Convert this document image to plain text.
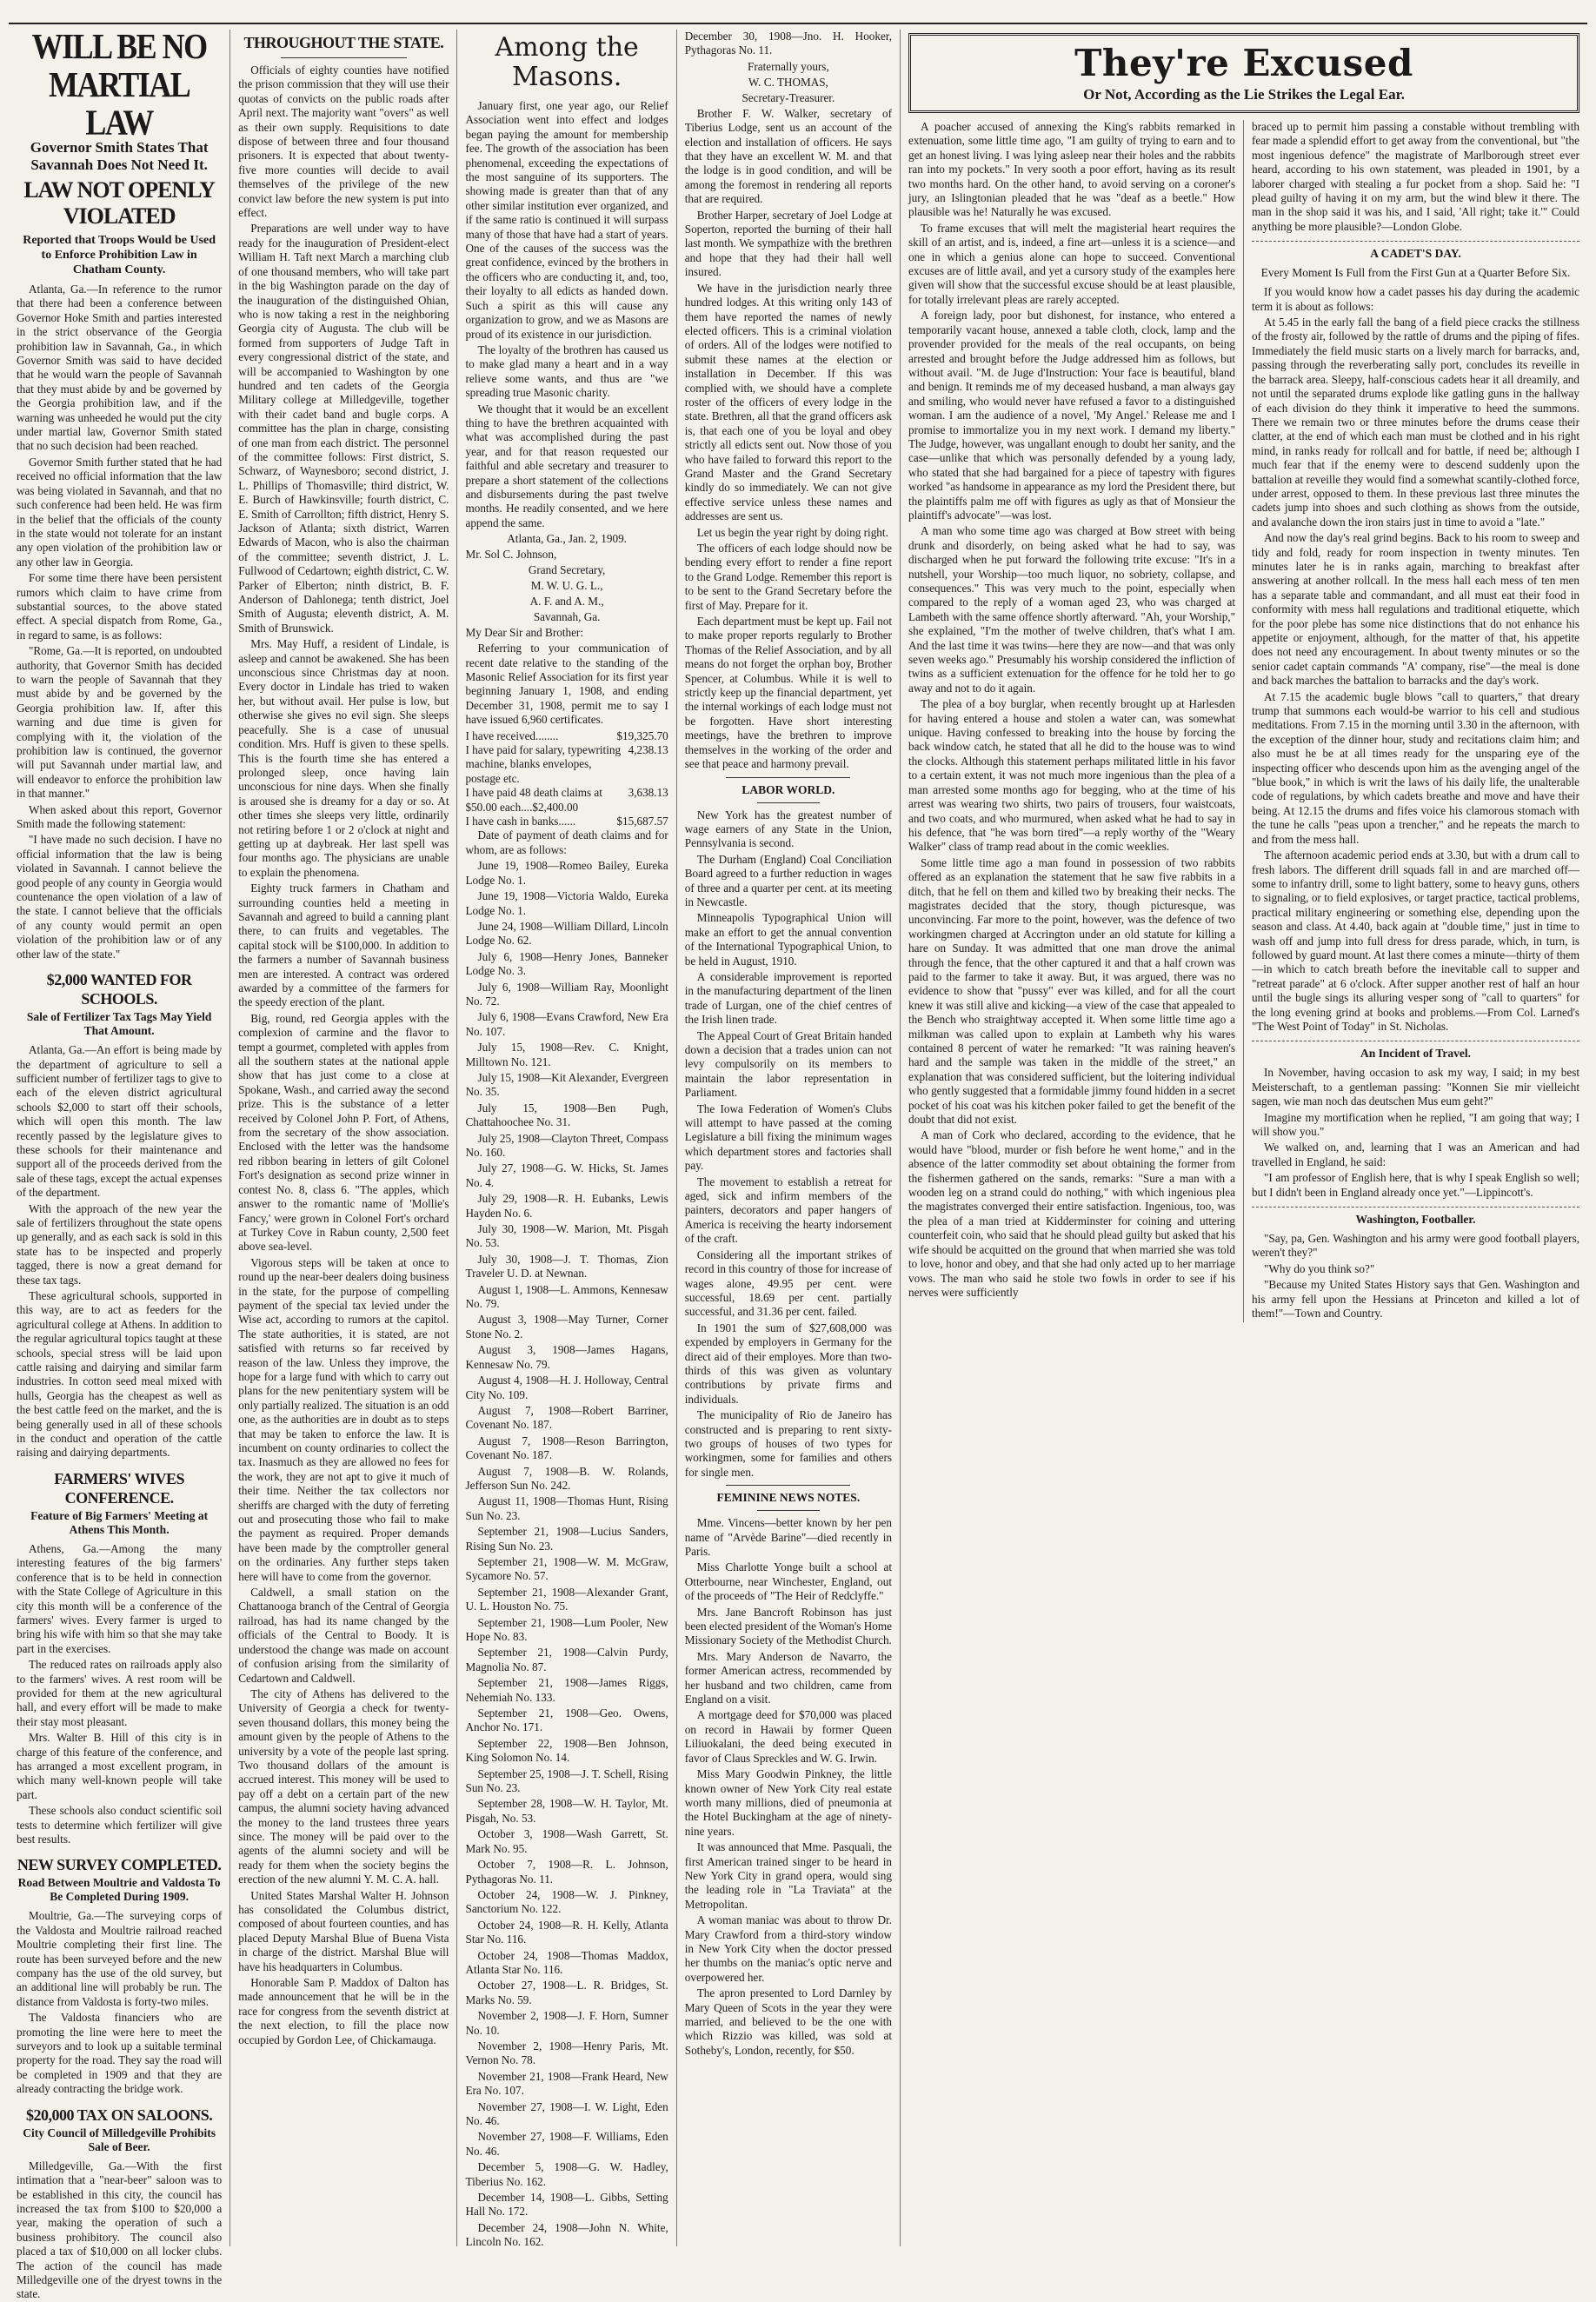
WILL BE NO MARTIAL LAW
Governor Smith States That Savannah Does Not Need It.
LAW NOT OPENLY VIOLATED
Reported that Troops Would be Used to Enforce Prohibition Law in Chatham County.

Atlanta, Ga.—In reference to the rumor that there had been a conference between Governor Hoke Smith and parties interested in the strict observance of the Georgia prohibition law in Savannah, Ga., in which Governor Smith was said to have decided that he would warn the people of Savannah that they must abide by and be governed by the Georgia prohibition law, and if the warning was unheeded he would put the city under martial law, Governor Smith stated that no such decision had been reached.

Governor Smith further stated that he had received no official information that the law was being violated in Savannah, and that no such conference had been held. He was firm in the belief that the officials of the county in the state would not tolerate for an instant any open violation of the prohibition law or any other law in Georgia.

For some time there have been persistent rumors which claim to have crime from substantial sources, to the above stated effect. A special dispatch from Rome, Ga., in regard to same, is as follows:

"Rome, Ga.—It is reported, on undoubted authority, that Governor Smith has decided to warn the people of Savannah that they must abide by and be governed by the Georgia prohibition law. If, after this warning and due time is given for complying with it, the violation of the prohibition law is continued, the governor will put Savannah under martial law, and will endeavor to enforce the prohibition law in that manner."

When asked about this report, Governor Smith made the following statement:

"I have made no such decision. I have no official information that the law is being violated in Savannah. I cannot believe the good people of any county in Georgia would countenance the open violation of a law of the state. I cannot believe that the officials of any county would permit an open violation of the prohibition law or of any other law of the state."

$2,000 WANTED FOR SCHOOLS.
Sale of Fertilizer Tax Tags May Yield That Amount.

Atlanta, Ga.—An effort is being made by the department of agriculture to sell a sufficient number of fertilizer tags to give to each of the eleven district agricultural schools $2,000 to start off their schools, which will open this month. The law recently passed by the legislature gives to these schools for their maintenance and support all of the proceeds derived from the sale of these tags, except the actual expenses of the department.

With the approach of the new year the sale of fertilizers throughout the state opens up generally, and as each sack is sold in this state has to be inspected and properly tagged, there is now a great demand for these tax tags.

These agricultural schools, supported in this way, are to act as feeders for the agricultural college at Athens. In addition to the regular agricultural topics taught at these schools, special stress will be laid upon cattle raising and dairying and similar farm industries. In cotton seed meal mixed with hulls, Georgia has the cheapest as well as the best cattle feed on the market, and the is being generally used in all of these schools in the conduct and operation of the cattle raising and dairying departments.

FARMERS' WIVES CONFERENCE.
Feature of Big Farmers' Meeting at Athens This Month.

Athens, Ga.—Among the many interesting features of the big farmers' conference that is to be held in connection with the State College of Agriculture in this city this month will be a conference of the farmers' wives. Every farmer is urged to bring his wife with him so that she may take part in the exercises.

The reduced rates on railroads apply also to the farmers' wives. A rest room will be provided for them at the new agricultural hall, and every effort will be made to make their stay most pleasant.

Mrs. Walter B. Hill of this city is in charge of this feature of the conference, and has arranged a most excellent program, in which many well-known people will take part.

These schools also conduct scientific soil tests to determine which fertilizer will give best results.

NEW SURVEY COMPLETED.
Road Between Moultrie and Valdosta To Be Completed During 1909.

Moultrie, Ga.—The surveying corps of the Valdosta and Moultrie railroad reached Moultrie completing their first line. The route has been surveyed before and the new company has the use of the old survey, but an additional line will probably be run. The distance from Valdosta is forty-two miles.

The Valdosta financiers who are promoting the line were here to meet the surveyors and to look up a suitable terminal property for the road. They say the road will be completed in 1909 and that they are already contracting the bridge work.

$20,000 TAX ON SALOONS.
City Council of Milledgeville Prohibits Sale of Beer.

Milledgeville, Ga.—With the first intimation that a "near-beer" saloon was to be established in this city, the council has increased the tax from $100 to $20,000 a year, making the operation of such a business prohibitory. The council also placed a tax of $10,000 on all locker clubs. The action of the council has made Milledgeville one of the dryest towns in the state.

THROUGHOUT THE STATE.

Officials of eighty counties have notified the prison commission that they will use their quotas of convicts on the public roads after April next. The majority want "overs" as well as their own supply. Requisitions to date dispose of between three and four thousand prisoners. It is expected that about twenty-five more counties will decide to avail themselves of the privilege of the new convict law before the new system is put into effect.

Preparations are well under way to have ready for the inauguration of President-elect William H. Taft next March a marching club of one thousand members, who will take part in the big Washington parade on the day of the inauguration of the distinguished Ohian, who is now taking a rest in the neighboring Georgia city of Augusta. The club will be formed from supporters of Judge Taft in every congressional district of the state, and will be accompanied to Washington by one hundred and ten cadets of the Georgia Military college at Milledgeville, together with their cadet band and bugle corps. A committee has the plan in charge, consisting of one man from each district. The personnel of the committee follows: First district, S. Schwarz, of Waynesboro; second district, J. L. Phillips of Thomasville; third district, W. E. Burch of Hawkinsville; fourth district, C. E. Smith of Carrollton; fifth district, Henry S. Jackson of Atlanta; sixth district, Warren Edwards of Macon, who is also the chairman of the committee; seventh district, J. L. Fullwood of Cedartown; eighth district, C. W. Parker of Elberton; ninth district, B. F. Anderson of Dahlonega; tenth district, Joel Smith of Augusta; eleventh district, A. M. Smith of Brunswick.

Mrs. May Huff, a resident of Lindale, is asleep and cannot be awakened. She has been unconscious since Christmas day at noon. Every doctor in Lindale has tried to waken her, but without avail. Her pulse is low, but otherwise she gives no evil sign. She sleeps peacefully. She is a case of unusual condition. Mrs. Huff is given to these spells. This is the fourth time she has entered a prolonged sleep, once having lain unconscious for nine days. When she finally is aroused she is dreamy for a day or so. At other times she sleeps very little, ordinarily not retiring before 1 or 2 o'clock at night and getting up at daybreak. Her last spell was four months ago. The physicians are unable to explain the phenomena.

Eighty truck farmers in Chatham and surrounding counties held a meeting in Savannah and agreed to build a canning plant there, to can fruits and vegetables. The capital stock will be $100,000. In addition to the farmers a number of Savannah business men are interested. A contract was ordered awarded by a committee of the farmers for the speedy erection of the plant.

Big, round, red Georgia apples with the complexion of carmine and the flavor to tempt a gourmet, completed with apples from all the southern states at the national apple show that has just come to a close at Spokane, Wash., and carried away the second prize. This is the substance of a letter received by Colonel John P. Fort, of Athens, from the secretary of the show association. Enclosed with the letter was the handsome red ribbon bearing in letters of gilt Colonel Fort's designation as second prize winner in contest No. 8, class 6. "The apples, which answer to the romantic name of 'Mollie's Fancy,' were grown in Colonel Fort's orchard at Turkey Cove in Rabun county, 2,500 feet above sea-level.

Vigorous steps will be taken at once to round up the near-beer dealers doing business in the state, for the purpose of compelling payment of the special tax levied under the Wise act, according to rumors at the capitol. The state authorities, it is stated, are not satisfied with returns so far received by reason of the law. Unless they improve, the hope for a large fund with which to carry out plans for the new penitentiary system will be only partially realized. The situation is an odd one, as the authorities are in doubt as to steps that may be taken to enforce the law. It is incumbent on county ordinaries to collect the tax. Inasmuch as they are allowed no fees for the work, they are not apt to give it much of their time. Neither the tax collectors nor sheriffs are charged with the duty of ferreting out and prosecuting those who fail to make the payment as required. Proper demands have been made by the comptroller general on the ordinaries. Any further steps taken here will have to come from the governor.

Caldwell, a small station on the Chattanooga branch of the Central of Georgia railroad, has had its name changed by the officials of the Central to Boody. It is understood the change was made on account of confusion arising from the similarity of Cedartown and Caldwell.

The city of Athens has delivered to the University of Georgia a check for twenty-seven thousand dollars, this money being the amount given by the people of Athens to the university by a vote of the people last spring. Two thousand dollars of the amount is accrued interest. This money will be used to pay off a debt on a certain part of the new campus, the alumni society having advanced the money to the land trustees three years since. The money will be paid over to the agents of the alumni society and will be ready for them when the society begins the erection of the new alumni Y. M. C. A. hall.

United States Marshal Walter H. Johnson has consolidated the Columbus district, composed of about fourteen counties, and has placed Deputy Marshal Blue of Buena Vista in charge of the district. Marshal Blue will have his headquarters in Columbus.

Honorable Sam P. Maddox of Dalton has made announcement that he will be in the race for congress from the seventh district at the next election, to fill the place now occupied by Gordon Lee, of Chickamauga.

Among the Masons.

January first, one year ago, our Relief Association went into effect and lodges began paying the amount for membership fee. The growth of the association has been phenomenal, exceeding the expectations of the most sanguine of its supporters. The showing made is greater than that of any other similar institution ever organized, and if the same ratio is continued it will surpass many of those that have had a start of years. One of the causes of the success was the great confidence, evinced by the brothers in the officers who are conducting it, and, too, their loyalty to all edicts as handed down. Such a spirit as this will cause any organization to grow, and we as Masons are proud of its existence in our jurisdiction.

The loyalty of the brothren has caused us to make glad many a heart and in a way relieve some wants, and thus are "we spreading true Masonic charity.

We thought that it would be an excellent thing to have the brethren acquainted with what was accomplished during the past year, and for that reason requested our faithful and able secretary and treasurer to prepare a short statement of the collections and disbursements during the past twelve months. He readily consented, and we here append the same.

Atlanta, Ga., Jan. 2, 1909.
Mr. Sol C. Johnson,
Grand Secretary,
M. W. U. G. L.,
A. F. and A. M.,
Savannah, Ga.
My Dear Sir and Brother:

Referring to your communication of recent date relative to the standing of the Masonic Relief Association for its first year beginning January 1, 1908, and ending December 31, 1908, permit me to say I have issued 6,960 certificates.

I have received........	$19,325.70
I have paid for salary, typewriting machine, blanks envelopes, postage etc.
4,238.13
I have paid 48 death claims at $50.00 each....$2,400.00
3,638.13
I have cash in banks......	$15,687.57

Date of payment of death claims and for whom, are as follows:

June 19, 1908—Romeo Bailey, Eureka Lodge No. 1.

June 19, 1908—Victoria Waldo, Eureka Lodge No. 1.

June 24, 1908—William Dillard, Lincoln Lodge No. 62.

July 6, 1908—Henry Jones, Banneker Lodge No. 3.

July 6, 1908—William Ray, Moonlight No. 72.

July 6, 1908—Evans Crawford, New Era No. 107.

July 15, 1908—Rev. C. Knight, Milltown No. 121.

July 15, 1908—Kit Alexander, Evergreen No. 35.

July 15, 1908—Ben Pugh, Chattahoochee No. 31.

July 25, 1908—Clayton Threet, Compass No. 160.

July 27, 1908—G. W. Hicks, St. James No. 4.

July 29, 1908—R. H. Eubanks, Lewis Hayden No. 6.

July 30, 1908—W. Marion, Mt. Pisgah No. 53.

July 30, 1908—J. T. Thomas, Zion Traveler U. D. at Newnan.

August 1, 1908—L. Ammons, Kennesaw No. 79.

August 3, 1908—May Turner, Corner Stone No. 2.

August 3, 1908—James Hagans, Kennesaw No. 79.

August 4, 1908—H. J. Holloway, Central City No. 109.

August 7, 1908—Robert Barriner, Covenant No. 187.

August 7, 1908—Reson Barrington, Covenant No. 187.

August 7, 1908—B. W. Rolands, Jefferson Sun No. 242.

August 11, 1908—Thomas Hunt, Rising Sun No. 23.

September 21, 1908—Lucius Sanders, Rising Sun No. 23.

September 21, 1908—W. M. McGraw, Sycamore No. 57.

September 21, 1908—Alexander Grant, U. L. Houston No. 75.

September 21, 1908—Lum Pooler, New Hope No. 83.

September 21, 1908—Calvin Purdy, Magnolia No. 87.

September 21, 1908—James Riggs, Nehemiah No. 133.

September 21, 1908—Geo. Owens, Anchor No. 171.

September 22, 1908—Ben Johnson, King Solomon No. 14.

September 25, 1908—J. T. Schell, Rising Sun No. 23.

September 28, 1908—W. H. Taylor, Mt. Pisgah, No. 53.

October 3, 1908—Wash Garrett, St. Mark No. 95.

October 7, 1908—R. L. Johnson, Pythagoras No. 11.

October 24, 1908—W. J. Pinkney, Sanctorium No. 122.

October 24, 1908—R. H. Kelly, Atlanta Star No. 116.

October 24, 1908—Thomas Maddox, Atlanta Star No. 116.

October 27, 1908—L. R. Bridges, St. Marks No. 59.

November 2, 1908—J. F. Horn, Sumner No. 10.

November 2, 1908—Henry Paris, Mt. Vernon No. 78.

November 21, 1908—Frank Heard, New Era No. 107.

November 27, 1908—I. W. Light, Eden No. 46.

November 27, 1908—F. Williams, Eden No. 46.

December 5, 1908—G. W. Hadley, Tiberius No. 162.

December 14, 1908—L. Gibbs, Setting Hall No. 172.

December 24, 1908—John N. White, Lincoln No. 162.

December 30, 1908—Jno. H. Hooker, Pythagoras No. 11.

Fraternally yours,
W. C. THOMAS,
Secretary-Treasurer.

Brother F. W. Walker, secretary of Tiberius Lodge, sent us an account of the election and installation of officers. He says that they have an excellent W. M. and that the lodge is in good condition, and will be among the foremost in rendering all reports that are required.

Brother Harper, secretary of Joel Lodge at Soperton, reported the burning of their hall last month. We sympathize with the brethren and hope that they had their hall well insured.

We have in the jurisdiction nearly three hundred lodges. At this writing only 143 of them have reported the names of newly elected officers. This is a criminal violation of orders. All of the lodges were notified to submit these names at the election or installation in December. If this was complied with, we should have a complete roster of the officers of every lodge in the state. Brethren, all that the grand officers ask is, that each one of you be loyal and obey strictly all edicts sent out. Now those of you who have failed to forward this report to the Grand Master and the Grand Secretary kindly do so immediately. We can not give effective service unless these names and addresses are sent us.

Let us begin the year right by doing right.

The officers of each lodge should now be bending every effort to render a fine report to the Grand Lodge. Remember this report is to be sent to the Grand Secretary before the first of May. Prepare for it.

Each department must be kept up. Fail not to make proper reports regularly to Brother Thomas of the Relief Association, and by all means do not forget the orphan boy, Brother Spencer, at Columbus. While it is well to strictly keep up the financial department, yet the internal workings of each lodge must not be forgotten. Have short interesting meetings, have the brethren to improve themselves in the working of the order and see that peace and harmony prevail.

LABOR WORLD.

New York has the greatest number of wage earners of any State in the Union, Pennsylvania is second.

The Durham (England) Coal Conciliation Board agreed to a further reduction in wages of three and a quarter per cent. at its meeting in Newcastle.

Minneapolis Typographical Union will make an effort to get the annual convention of the International Typographical Union, to be held in August, 1910.

A considerable improvement is reported in the manufacturing department of the linen trade of Lurgan, one of the chief centres of the Irish linen trade.

The Appeal Court of Great Britain handed down a decision that a trades union can not levy compulsorily on its members to maintain the labor representation in Parliament.

The Iowa Federation of Women's Clubs will attempt to have passed at the coming Legislature a bill fixing the minimum wages which department stores and factories shall pay.

The movement to establish a retreat for aged, sick and infirm members of the painters, decorators and paper hangers of America is receiving the hearty indorsement of the craft.

Considering all the important strikes of record in this country of those for increase of wages alone, 49.95 per cent. were successful, 18.69 per cent. partially successful, and 31.36 per cent. failed.

In 1901 the sum of $27,608,000 was expended by employers in Germany for the direct aid of their employes. More than two-thirds of this was given as voluntary contributions by private firms and individuals.

The municipality of Rio de Janeiro has constructed and is preparing to rent sixty-two groups of houses of two types for workingmen, some for families and others for single men.

FEMININE NEWS NOTES.

Mme. Vincens—better known by her pen name of "Arvède Barine"—died recently in Paris.

Miss Charlotte Yonge built a school at Otterbourne, near Winchester, England, out of the proceeds of "The Heir of Redclyffe."

Mrs. Jane Bancroft Robinson has just been elected president of the Woman's Home Missionary Society of the Methodist Church.

Mrs. Mary Anderson de Navarro, the former American actress, recommended by her husband and two children, came from England on a visit.

A mortgage deed for $70,000 was placed on record in Hawaii by former Queen Liliuokalani, the deed being executed in favor of Claus Spreckles and W. G. Irwin.

Miss Mary Goodwin Pinkney, the little known owner of New York City real estate worth many millions, died of pneumonia at the Hotel Buckingham at the age of ninety-nine years.

It was announced that Mme. Pasquali, the first American trained singer to be heard in New York City in grand opera, would sing the leading role in "La Traviata" at the Metropolitan.

A woman maniac was about to throw Dr. Mary Crawford from a third-story window in New York City when the doctor pressed her thumbs on the maniac's optic nerve and overpowered her.

The apron presented to Lord Darnley by Mary Queen of Scots in the year they were married, and believed to be the one with which Rizzio was killed, was sold at Sotheby's, London, recently, for $50.

They're Excused
Or Not, According as the Lie Strikes the Legal Ear.

A poacher accused of annexing the King's rabbits remarked in extenuation, some little time ago, "I am guilty of trying to earn and to get an honest living. I was lying asleep near their holes and the rabbits ran into my pockets." In very sooth a poor effort, having as its result two months hard. On the other hand, to avoid serving on a coroner's jury, an Islingtonian pleaded that he was "deaf as a beetle." How plausible was he! Naturally he was excused.

To frame excuses that will melt the magisterial heart requires the skill of an artist, and is, indeed, a fine art—unless it is a science—and one in which a genius alone can hope to succeed. Conventional excuses are of little avail, and yet a cursory study of the examples here given will show that the successful excuse should be at least plausible, for totally irrelevant pleas are rarely accepted.

A foreign lady, poor but dishonest, for instance, who entered a temporarily vacant house, annexed a table cloth, clock, lamp and the provender provided for the meals of the real occupants, on being arrested and brought before the Judge addressed him as follows, but without avail. "M. de Juge d'Instruction: Your face is beautiful, bland and benign. It reminds me of my deceased husband, a man always gay and smiling, who would never have refused a favor to a distinguished woman. I am the audience of a novel, 'My Angel.' Release me and I promise to immortalize you in my next work. I demand my liberty." The Judge, however, was ungallant enough to doubt her sanity, and the case—unlike that which was personally defended by a young lady, who stated that she had bargained for a piece of tapestry with figures worked "as handsome in appearance as my lord the President there, but the plaintiffs palm me off with figures as ugly as that of Monsieur the plaintiff's advocate"—was lost.

A man who some time ago was charged at Bow street with being drunk and disorderly, on being asked what he had to say, was discharged when he put forward the following trite excuse: "It's in a nutshell, your Worship—too much liquor, no sobriety, collapse, and consequences." This was very much to the point, especially when compared to the reply of a woman aged 23, who was charged at Lambeth with the same offence shortly afterward. "Ah, your Worship," she explained, "I'm the mother of twelve children, that's what I am. And the last time it was twins—here they are now—and that was only seven weeks ago." Presumably his worship considered the infliction of twins as a sufficient extenuation for the offence for he told her to go away and not to do it again.

The plea of a boy burglar, when recently brought up at Harlesden for having entered a house and stolen a water can, was somewhat unique. Having confessed to breaking into the house by forcing the back window catch, he stated that all he did to the house was to wind the clocks. Although this statement perhaps militated little in his favor to a certain extent, it was not much more ingenious than the plea of a man arrested some months ago for begging, who at the time of his arrest was wearing two shirts, two pairs of trousers, four waistcoats, and two coats, and who murmured, when asked what he had to say in his defence, that "he was born tired"—a reply worthy of the "Weary Walker" class of tramp read about in the comic weeklies.

Some little time ago a man found in possession of two rabbits offered as an explanation the statement that he saw five rabbits in a ditch, that he fell on them and killed two by breaking their necks. The magistrates decided that the story, though picturesque, was unconvincing. Far more to the point, however, was the defence of two workingmen charged at Accrington under an old statute for killing a hare on Sunday. It was admitted that one man drove the animal through the fence, that the other captured it and that a half crown was paid to the farmer to take it away. But, it was argued, there was no evidence to show that "pussy" ever was killed, and for all the court knew it was still alive and kicking—a view of the case that appealed to the Bench who straightway accepted it. When some little time ago a milkman was called upon to explain at Lambeth why his wares contained 8 percent of water he remarked: "It was raining heaven's hard and the sample was taken in the middle of the street," an explanation that was considered sufficient, but the loitering individual who gently suggested that a formidable jimmy found hidden in a secret pocket of his coat was his kitchen poker failed to get the benefit of the doubt that did not exist.

A man of Cork who declared, according to the evidence, that he would have "blood, murder or fish before he went home," and in the absence of the latter commodity set about obtaining the former from the fishermen gathered on the sands, remarks: "Sure a man with a wooden leg on a strand could do nothing," with which ingenious plea the magistrates converged their entire satisfaction. Ingenious, too, was the plea of a man tried at Kidderminster for coining and uttering counterfeit coin, who said that he should plead guilty but asked that his wife should be acquitted on the ground that when married she was told to love, honor and obey, and that she had only acted up to her marriage vows. The man who said he stole two fowls in order to see if his nerves were sufficiently

braced up to permit him passing a constable without trembling with fear made a splendid effort to get away from the conventional, but "the most ingenious defence" the magistrate of Marlborough street ever heard, according to his own statement, was pleaded in 1901, by a laborer charged with stealing a fur pocket from a shop. Said he: "I plead guilty of having it on my arm, but the wind blew it there. The man in the shop said it was his, and I said, 'All right; take it.'" Could anything be more plausible?—London Globe.

A CADET'S DAY.
Every Moment Is Full from the First Gun at a Quarter Before Six.

If you would know how a cadet passes his day during the academic term it is about as follows:

At 5.45 in the early fall the bang of a field piece cracks the stillness of the frosty air, followed by the rattle of drums and the piping of fifes. Immediately the field music starts on a lively march for barracks, and, passing through the reverberating sally port, concludes its reveille in the barrack area. Sleepy, half-conscious cadets hear it all dreamily, and not until the separated drums explode like gatling guns in the hallway of each division do they think it imperative to heed the summons. There we remain two or three minutes before the drums cease their clatter, at the end of which each man must be clothed and in his right mind, in ranks ready for rollcall and for battle, if need be; although I much fear that if the enemy were to descend suddenly upon the battalion at reveille they would find a somewhat scantily-clothed force, under arrest, opposed to them. In these previous last three minutes the cadets jump into shoes and such clothing as shows from the outside, and avalanche down the iron stairs just in time to avoid a "late."

And now the day's real grind begins. Back to his room to sweep and tidy and fold, ready for room inspection in twenty minutes. Ten minutes later he is in ranks again, marching to breakfast after answering at another rollcall. In the mess hall each mess of ten men has a separate table and commandant, and all must eat their food in conformity with mess hall regulations and traditional etiquette, which for the poor plebe has some nice distinctions that do not enhance his appetite or enjoyment, although, for the matter of that, his appetite does not need any encouragement. In about twenty minutes or so the senior cadet captain commands "A' company, rise"—the meal is done and back marches the battalion to barracks and the day's work.

At 7.15 the academic bugle blows "call to quarters," that dreary trump that summons each would-be warrior to his cell and studious meditations. From 7.15 in the morning until 3.30 in the afternoon, with the exception of the dinner hour, study and recitations claim him; and also must he be at all times ready for the unsparing eye of the inspecting officer who descends upon him as the avenging angel of the "blue book," in which is writ the laws of his daily life, the unalterable code of regulations, by which cadets breathe and move and have their being. At 12.15 the drums and fifes voice his clamorous stomach with the tune he calls "peas upon a trencher," and he repeats the march to and from the mess hall.

The afternoon academic period ends at 3.30, but with a drum call to fresh labors. The different drill squads fall in and are marched off—some to infantry drill, some to light battery, some to heavy guns, others to signaling, or to field explosives, or target practice, tactical problems, practical military engineering or something else, depending upon the season and class. At 4.40, back again at "double time," just in time to wash off and jump into full dress for dress parade, which, in turn, is followed by guard mount. At last there comes a minute—thirty of them—in which to catch breath before the inevitable call to supper and "retreat parade" at 6 o'clock. After supper another rest of half an hour until the bugle sings its alluring vesper song of "call to quarters" for the long evening grind at books and problems.—From Col. Larned's "The West Point of Today" in St. Nicholas.

An Incident of Travel.

In November, having occasion to ask my way, I said; in my best Meisterschaft, to a gentleman passing: "Konnen Sie mir vielleicht sagen, wie man noch das deutschen Mus eum geht?"

Imagine my mortification when he replied, "I am going that way; I will show you."

We walked on, and, learning that I was an American and had travelled in England, he said:

"I am professor of English here, that is why I speak English so well; but I didn't been in England already once yet."—Lippincott's.

Washington, Footballer.

"Say, pa, Gen. Washington and his army were good football players, weren't they?"

"Why do you think so?"

"Because my United States History says that Gen. Washington and his army fell upon the Hessians at Princeton and killed a lot of them!"—Town and Country.
